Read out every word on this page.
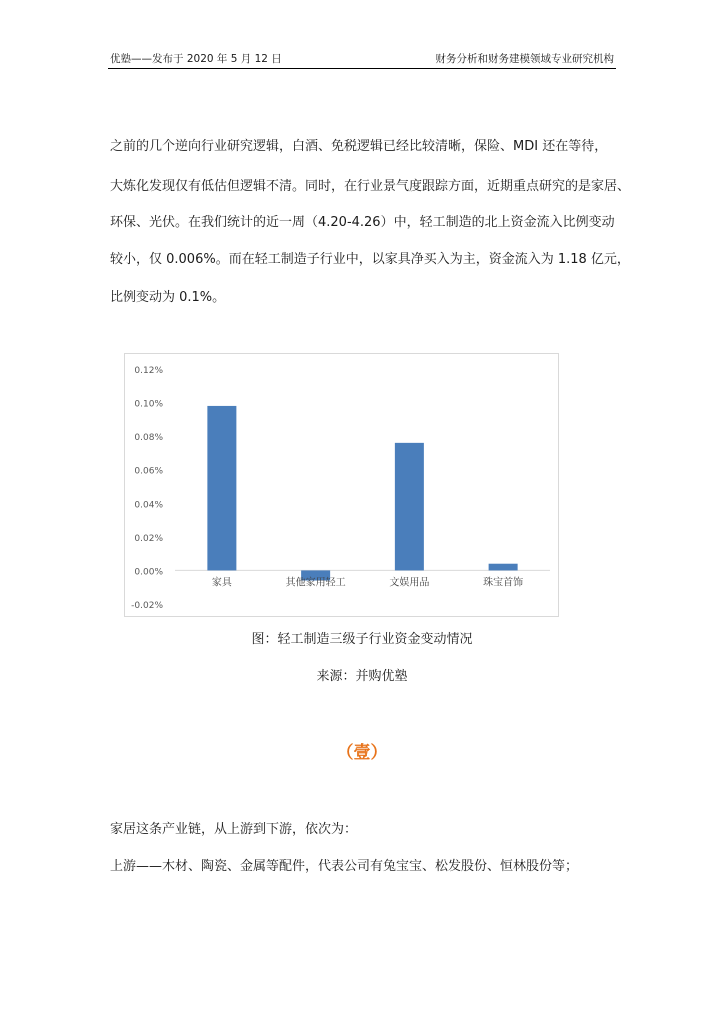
优塾——发布于 2020 年 5 月 12 日	财务分析和财务建模领域专业研究机构
之前的几个逆向行业研究逻辑，白酒、免税逻辑已经比较清晰，保险、MDI 还在等待，
大炼化发现仅有低估但逻辑不清。同时，在行业景气度跟踪方面，近期重点研究的是家居、
环保、光伏。在我们统计的近一周（4.20-4.26）中，轻工制造的北上资金流入比例变动
较小，仅 0.006%。而在轻工制造子行业中，以家具净买入为主，资金流入为 1.18 亿元，
比例变动为 0.1%。
0.12%
0.10%
0.08%
0.06%
0.04%
0.02%
0.00%
-0.02%
家具	其他家用轻工	文娱用品	珠宝首饰
图：轻工制造三级子行业资金变动情况
来源：并购优塾
（壹）
家居这条产业链，从上游到下游，依次为：
上游——木材、陶瓷、金属等配件，代表公司有兔宝宝、松发股份、恒林股份等；
